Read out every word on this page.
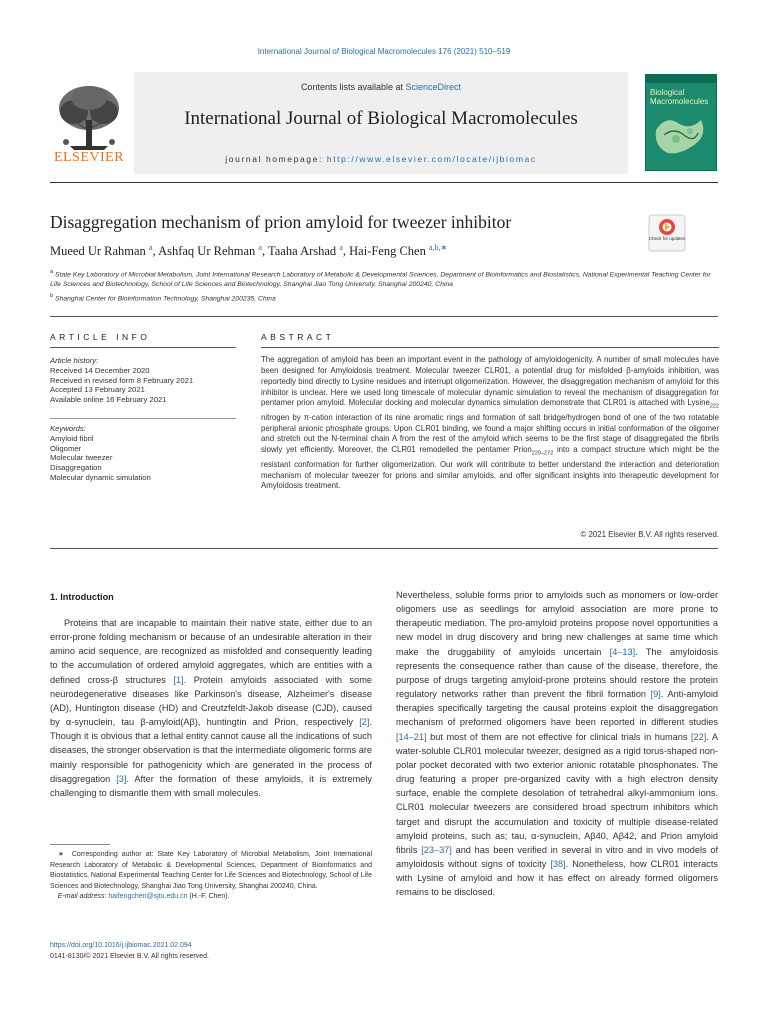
International Journal of Biological Macromolecules 176 (2021) 510–519
ELSEVIER
Contents lists available at ScienceDirect
International Journal of Biological Macromolecules
journal homepage: http://www.elsevier.com/locate/ijbiomac
Biological Macromolecules
Disaggregation mechanism of prion amyloid for tweezer inhibitor
Check for updates
Mueed Ur Rahman $^a$, Ashfaq Ur Rehman $^a$, Taaha Arshad $^a$, Hai-Feng Chen $^{a,b,∗}$
$^a$ State Key Laboratory of Microbial Metabolism, Joint International Research Laboratory of Metabolic & Developmental Sciences, Department of Bioinformatics and Biostatistics, National Experimental Teaching Center for Life Sciences and Biotechnology, School of Life Sciences and Biotechnology, Shanghai Jiao Tong University, Shanghai 200240, China
$^b$ Shanghai Center for Bioinformation Technology, Shanghai 200235, China
ARTICLE INFO
Article history:
Received 14 December 2020
Received in revised form 8 February 2021
Accepted 13 February 2021
Available online 16 February 2021
Keywords:
Amyloid fibril
Oligomer
Molecular tweezer
Disaggregation
Molecular dynamic simulation
ABSTRACT
The aggregation of amyloid has been an important event in the pathology of amyloidogenicity. A number of small molecules have been designed for Amyloidosis treatment. Molecular tweezer CLR01, a potential drug for misfolded β-amyloids inhibition, was reportedly bind directly to Lysine residues and interrupt oligomerization. However, the disaggregation mechanism of amyloid for this inhibitor is unclear. Here we used long timescale of molecular dynamic simulation to reveal the mechanism of disaggregation for pentamer prion amyloid. Molecular docking and molecular dynamics simulation demonstrate that CLR01 is attached with Lysine$_{222}$ nitrogen by π-cation interaction of its nine aromatic rings and formation of salt bridge/hydrogen bond of one of the two rotatable peripheral anionic phosphate groups. Upon CLR01 binding, we found a major shifting occurs in initial conformation of the oligomer and stretch out the N-terminal chain A from the rest of the amyloid which seems to be the first stage of disaggregated the fibrils slowly yet efficiently. Moreover, the CLR01 remodelled the pentamer Prion$_{220-272}$ into a compact structure which might be the resistant conformation for further oligomerization. Our work will contribute to better understand the interaction and deterioration mechanism of molecular tweezer for prions and similar amyloids, and offer significant insights into therapeutic development for Amyloidosis treatment.
© 2021 Elsevier B.V. All rights reserved.
1. Introduction
Proteins that are incapable to maintain their native state, either due to an error-prone folding mechanism or because of an undesirable alteration in their amino acid sequence, are recognized as misfolded and consequently leading to the accumulation of ordered amyloid aggregates, which are entities with a defined cross-β structures [1]. Protein amyloids associated with some neurodegenerative diseases like Parkinson's disease, Alzheimer's disease (AD), Huntington disease (HD) and Creutzfeldt-Jakob disease (CJD), caused by α-synuclein, tau β-amyloid(Aβ), huntingtin and Prion, respectively [2]. Though it is obvious that a lethal entity cannot cause all the indications of such diseases, the stronger observation is that the intermediate oligomeric forms are mainly responsible for pathogenicity which are generated in the process of disaggregation [3]. After the formation of these amyloids, it is extremely challenging to dismantle them with small molecules.
Nevertheless, soluble forms prior to amyloids such as monomers or low-order oligomers use as seedlings for amyloid association are more prone to therapeutic mediation. The pro-amyloid proteins propose novel opportunities a new model in drug discovery and bring new challenges at same time which make the druggability of amyloids uncertain [4–13]. The amyloidosis represents the consequence rather than cause of the disease, therefore, the purpose of drugs targeting amyloid-prone proteins should restore the protein regulatory networks rather than prevent the fibril formation [9]. Anti-amyloid therapies specifically targeting the causal proteins exploit the disaggregation mechanism of preformed oligomers have been reported in different studies [14–21] but most of them are not effective for clinical trials in humans [22]. A water-soluble CLR01 molecular tweezer, designed as a rigid torus-shaped non-polar pocket decorated with two exterior anionic rotatable phosphonates. The drug featuring a proper pre-organized cavity with a high electron density surface, enable the complete desolation of tetrahedral alkyl-ammonium ions. CLR01 molecular tweezers are considered broad spectrum inhibitors which target and disrupt the accumulation and toxicity of multiple disease-related amyloid proteins, such as; tau, α-synuclein, Aβ40, Aβ42, and Prion amyloid fibrils [23–37] and has been verified in several in vitro and in vivo models of amyloidosis without signs of toxicity [38]. Nonetheless, how CLR01 interacts with Lysine of amyloid and how it has effect on already formed oligomers remains to be disclosed.
∗ Corresponding author at: State Key Laboratory of Microbial Metabolism, Joint International Research Laboratory of Metabolic & Developmental Sciences, Department of Bioinformatics and Biostatistics, National Experimental Teaching Center for Life Sciences and Biotechnology, School of Life Sciences and Biotechnology, Shanghai Jiao Tong University, Shanghai 200240, China.
E-mail address: haifengchen@sjtu.edu.cn (H.-F. Chen).
https://doi.org/10.1016/j.ijbiomac.2021.02.094
0141-8130/© 2021 Elsevier B.V. All rights reserved.
